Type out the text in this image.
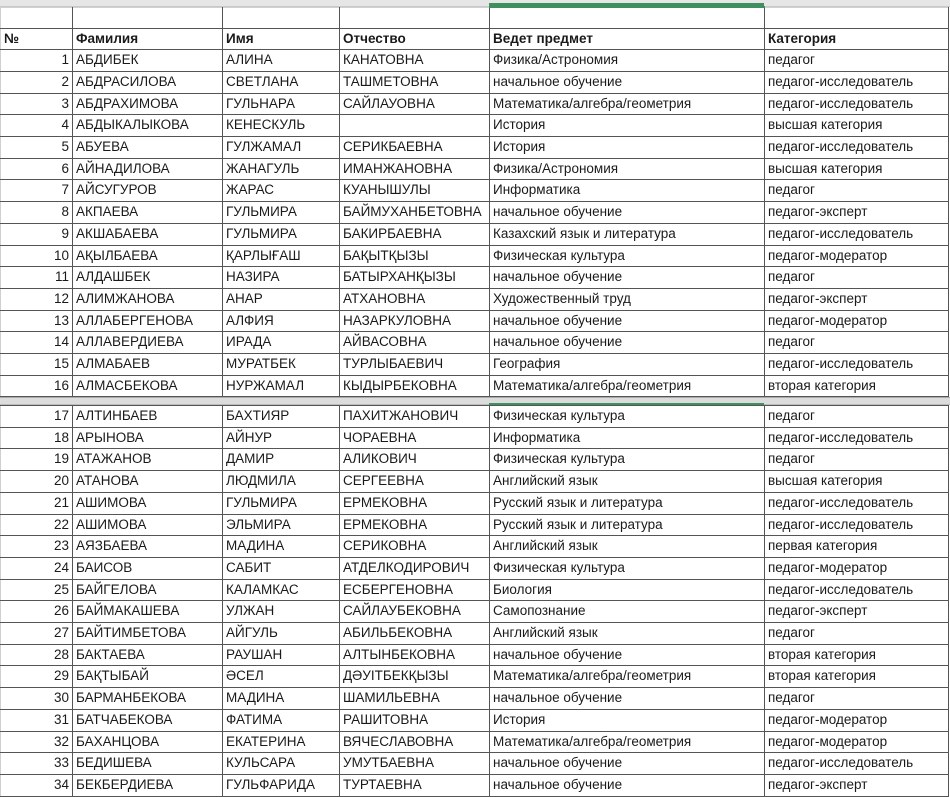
№	Фамилия	Имя	Отчество	Ведет предмет	Категория
1	АБДИБЕК	АЛИНА	КАНАТОВНА	Физика/Астрономия	педагог
2	АБДРАСИЛОВА	СВЕТЛАНА	ТАШМЕТОВНА	начальное обучение	педагог-исследователь
3	АБДРАХИМОВА	ГУЛЬНАРА	САЙЛАУОВНА	Математика/алгебра/геометрия	педагог-исследователь
4	АБДЫКАЛЫКОВА	КЕНЕСКУЛЬ		История	высшая категория
5	АБУЕВА	ГУЛЖАМАЛ	СЕРИКБАЕВНА	История	педагог-исследователь
6	АЙНАДИЛОВА	ЖАНАГУЛЬ	ИМАНЖАНОВНА	Физика/Астрономия	высшая категория
7	АЙСУГУРОВ	ЖАРАС	КУАНЫШУЛЫ	Информатика	педагог
8	АКПАЕВА	ГУЛЬМИРА	БАЙМУХАНБЕТОВНА	начальное обучение	педагог-эксперт
9	АКШАБАЕВА	ГУЛЬМИРА	БАКИРБАЕВНА	Казахский язык и литература	педагог-исследователь
10	АҚЫЛБАЕВА	ҚАРЛЫҒАШ	БАҚЫТҚЫЗЫ	Физическая культура	педагог-модератор
11	АЛДАШБЕК	НАЗИРА	БАТЫРХАНҚЫЗЫ	начальное обучение	педагог
12	АЛИМЖАНОВА	АНАР	АТХАНОВНА	Художественный труд	педагог-эксперт
13	АЛЛАБЕРГЕНОВА	АЛФИЯ	НАЗАРКУЛОВНА	начальное обучение	педагог-модератор
14	АЛЛАВЕРДИЕВА	ИРАДА	АЙВАСОВНА	начальное обучение	педагог
15	АЛМАБАЕВ	МУРАТБЕК	ТУРЛЫБАЕВИЧ	География	педагог-исследователь
16	АЛМАСБЕКОВА	НУРЖАМАЛ	КЫДЫРБЕКОВНА	Математика/алгебра/геометрия	вторая категория
17	АЛТИНБАЕВ	БАХТИЯР	ПАХИТЖАНОВИЧ	Физическая культура	педагог
18	АРЫНОВА	АЙНУР	ЧОРАЕВНА	Информатика	педагог-исследователь
19	АТАЖАНОВ	ДАМИР	АЛИКОВИЧ	Физическая культура	педагог
20	АТАНОВА	ЛЮДМИЛА	СЕРГЕЕВНА	Английский язык	высшая категория
21	АШИМОВА	ГУЛЬМИРА	ЕРМЕКОВНА	Русский язык и литература	педагог-исследователь
22	АШИМОВА	ЭЛЬМИРА	ЕРМЕКОВНА	Русский язык и литература	педагог-исследователь
23	АЯЗБАЕВА	МАДИНА	СЕРИКОВНА	Английский язык	первая категория
24	БАИСОВ	САБИТ	АТДЕЛКОДИРОВИЧ	Физическая культура	педагог-модератор
25	БАЙГЕЛОВА	КАЛАМКАС	ЕСБЕРГЕНОВНА	Биология	педагог-исследователь
26	БАЙМАКАШЕВА	УЛЖАН	САЙЛАУБЕКОВНА	Самопознание	педагог-эксперт
27	БАЙТИМБЕТОВА	АЙГУЛЬ	АБИЛЬБЕКОВНА	Английский язык	педагог
28	БАКТАЕВА	РАУШАН	АЛТЫНБЕКОВНА	начальное обучение	вторая категория
29	БАҚТЫБАЙ	ӘСЕЛ	ДӘУІТБЕКҚЫЗЫ	Математика/алгебра/геометрия	вторая категория
30	БАРМАНБЕКОВА	МАДИНА	ШАМИЛЬЕВНА	начальное обучение	педагог
31	БАТЧАБЕКОВА	ФАТИМА	РАШИТОВНА	История	педагог-модератор
32	БАХАНЦОВА	ЕКАТЕРИНА	ВЯЧЕСЛАВОВНА	Математика/алгебра/геометрия	педагог-модератор
33	БЕДИШЕВА	КУЛЬСАРА	УМУТБАЕВНА	начальное обучение	педагог-исследователь
34	БЕКБЕРДИЕВА	ГУЛЬФАРИДА	ТУРТАЕВНА	начальное обучение	педагог-эксперт
